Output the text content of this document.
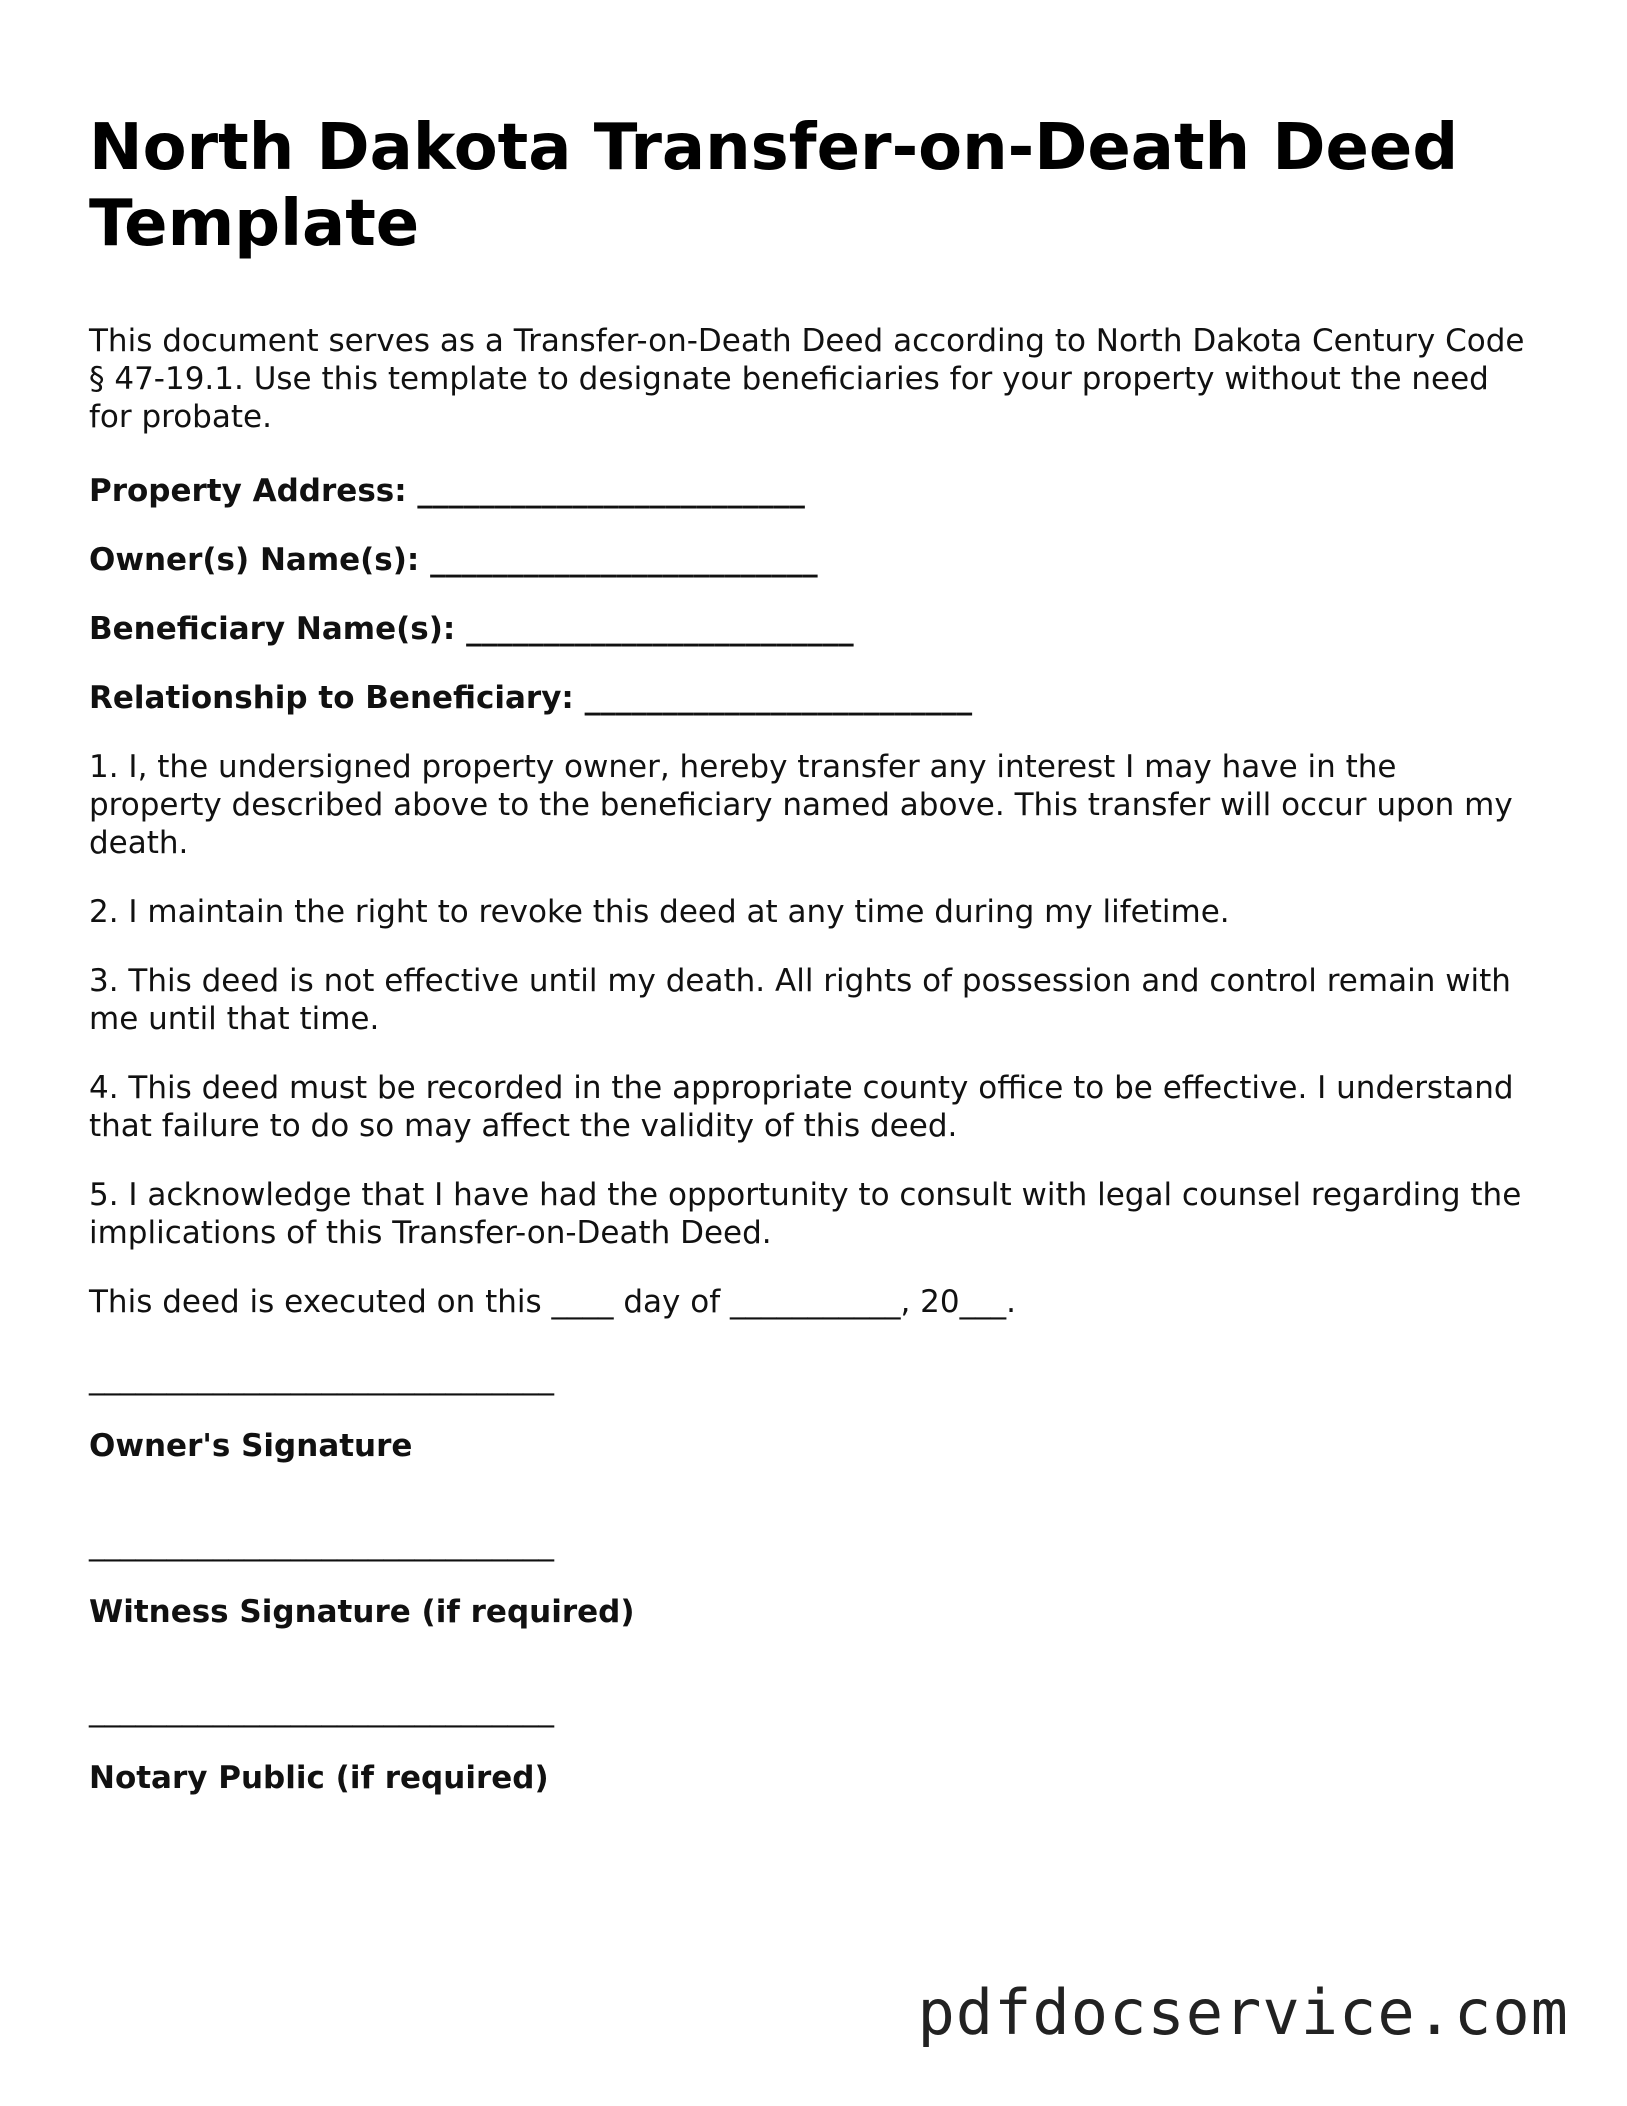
North Dakota Transfer-on-Death Deed Template

This document serves as a Transfer-on-Death Deed according to North Dakota Century Code § 47-19.1. Use this template to designate beneficiaries for your property without the need for probate.

Property Address: _________________________
Owner(s) Name(s): _________________________
Beneficiary Name(s): _________________________
Relationship to Beneficiary: _________________________

1. I, the undersigned property owner, hereby transfer any interest I may have in the property described above to the beneficiary named above. This transfer will occur upon my death.

2. I maintain the right to revoke this deed at any time during my lifetime.

3. This deed is not effective until my death. All rights of possession and control remain with me until that time.

4. This deed must be recorded in the appropriate county office to be effective. I understand that failure to do so may affect the validity of this deed.

5. I acknowledge that I have had the opportunity to consult with legal counsel regarding the implications of this Transfer-on-Death Deed.

This deed is executed on this ____ day of ___________, 20___.

______________________________
Owner's Signature
______________________________
Witness Signature (if required)
______________________________
Notary Public (if required)
pdfdocservice.com
